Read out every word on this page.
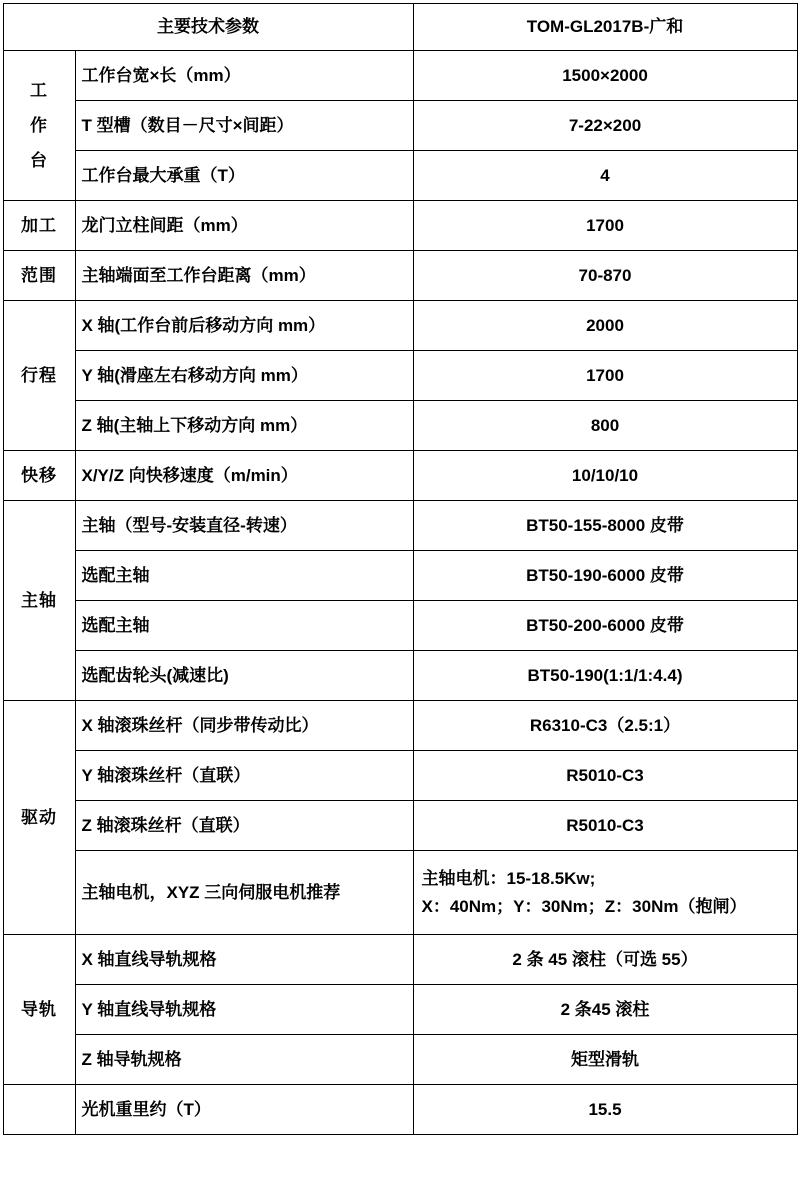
主要技术参数		TOM-GL2017B-广和
工
作
台	工作台宽×长（mm）	1500×2000
	T 型槽（数目－尺寸×间距）	7-22×200
	工作台最大承重（T）	4
加工	龙门立柱间距（mm）	1700
范围	主轴端面至工作台距离（mm）	70-870
行程	X 轴(工作台前后移动方向 mm）	2000
	Y 轴(滑座左右移动方向 mm）	1700
	Z 轴(主轴上下移动方向 mm）	800
快移	X/Y/Z 向快移速度（m/min）	10/10/10
主轴	主轴（型号-安装直径-转速）	BT50-155-8000 皮带
	选配主轴	BT50-190-6000 皮带
	选配主轴	BT50-200-6000 皮带
	选配齿轮头(减速比)	BT50-190(1:1/1:4.4)
驱动	X 轴滚珠丝杆（同步带传动比）	R6310-C3（2.5:1）
	Y 轴滚珠丝杆（直联）	R5010-C3
	Z 轴滚珠丝杆（直联）	R5010-C3
	主轴电机，XYZ 三向伺服电机推荐	主轴电机：15-18.5Kw;
X：40Nm；Y：30Nm；Z：30Nm（抱闸）

导轨	X 轴直线导轨规格	2 条 45 滚柱（可选 55）
	Y 轴直线导轨规格	2 条45 滚柱
	Z 轴导轨规格	矩型滑轨
	光机重里约（T）	15.5
